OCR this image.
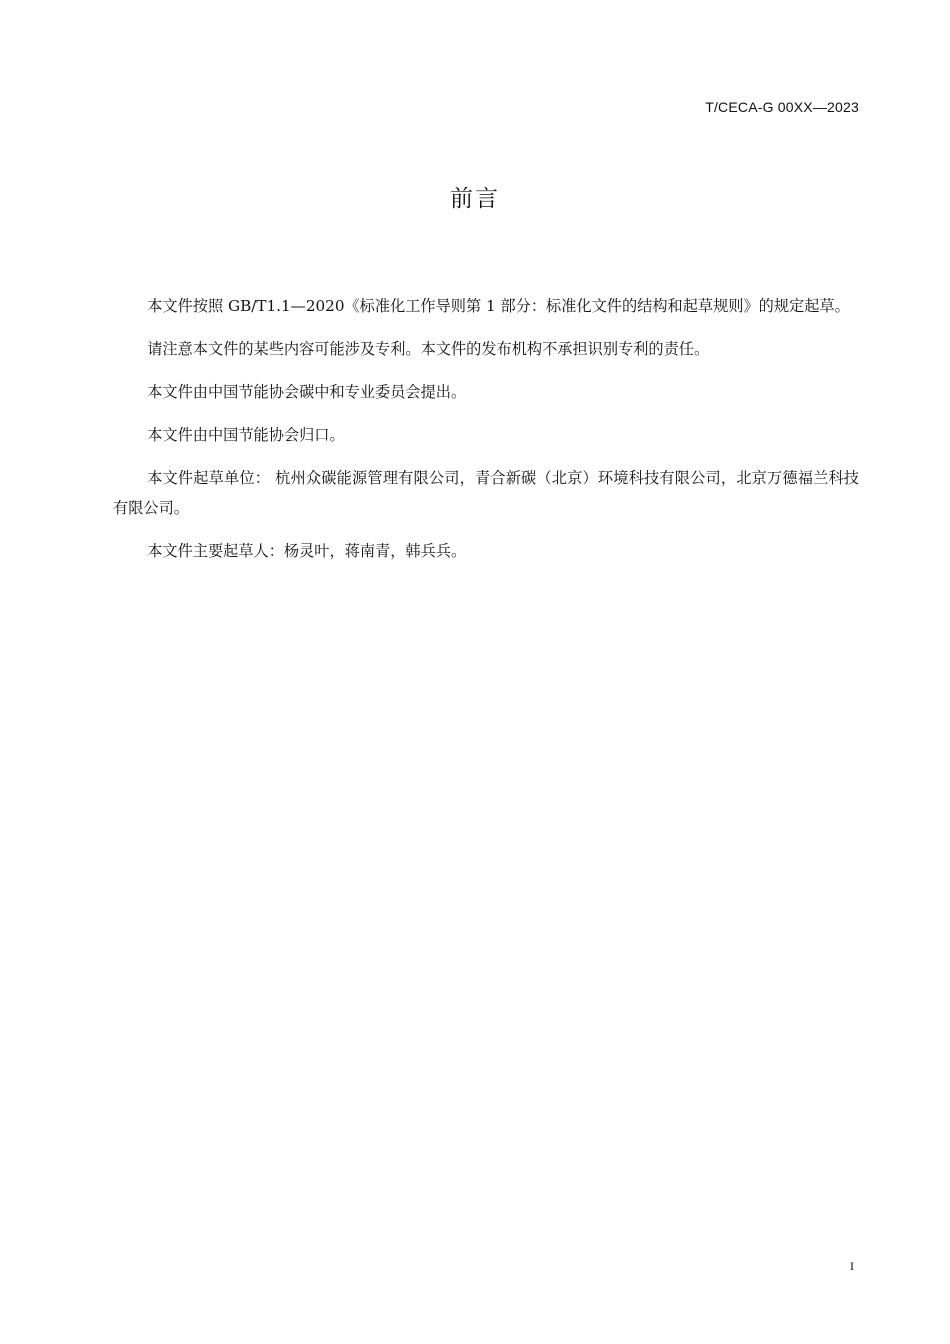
T/CECA-G 00XX—2023
前言

本文件按照 GB/T1.1—2020《标准化工作导则第 1 部分：标准化文件的结构和起草规则》的规定起草。

请注意本文件的某些内容可能涉及专利。本文件的发布机构不承担识别专利的责任。

本文件由中国节能协会碳中和专业委员会提出。

本文件由中国节能协会归口。

本文件起草单位： 杭州众碳能源管理有限公司，青合新碳（北京）环境科技有限公司，北京万德福兰科技有限公司。

本文件主要起草人：杨灵叶，蒋南青，韩兵兵。

I
